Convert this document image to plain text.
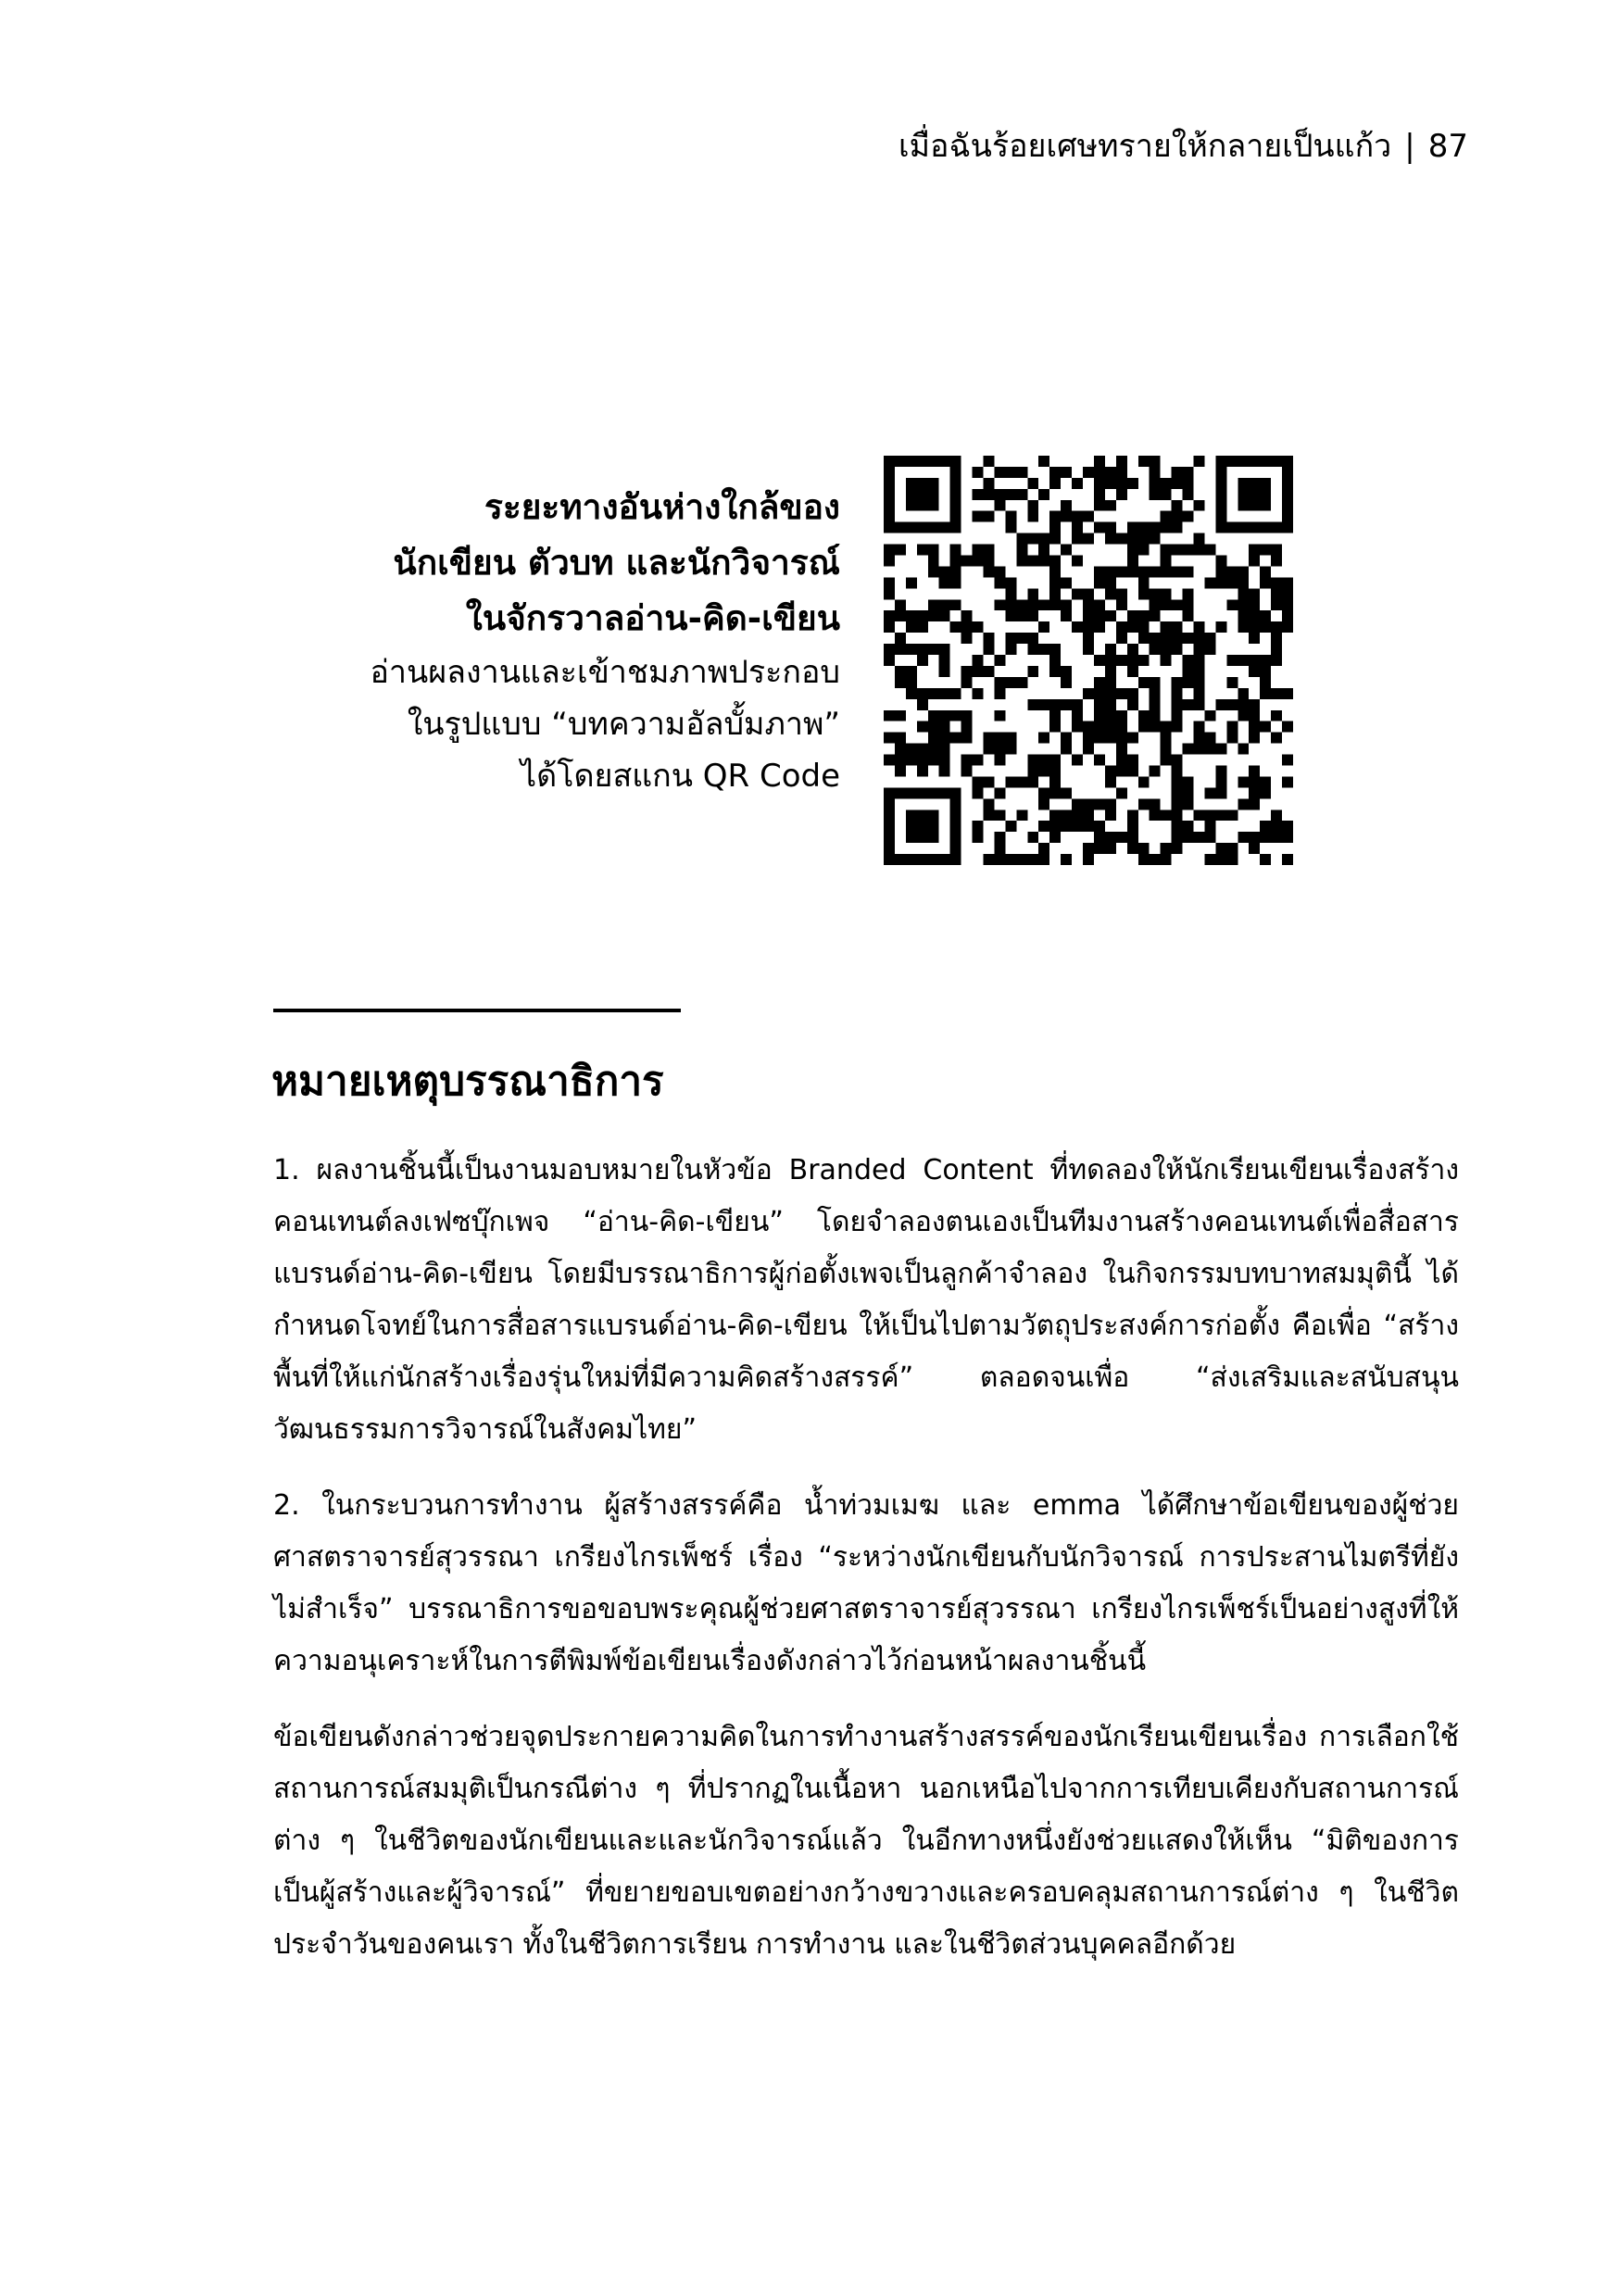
เมื่อฉันร้อยเศษทรายให้กลายเป็นแก้ว | 87
ระยะทางอันห่างใกล้ของ
นักเขียน ตัวบท และนักวิจารณ์
ในจักรวาลอ่าน-คิด-เขียน
อ่านผลงานและเข้าชมภาพประกอบ
ในรูปแบบ “บทความอัลบั้มภาพ”
ได้โดยสแกน QR Code
หมายเหตุบรรณาธิการ

1. ผลงานชิ้นนี้เป็นงานมอบหมายในหัวข้อ Branded Content ที่ทดลองให้นักเรียนเขียนเรื่องสร้างคอนเทนต์ลงเฟซบุ๊กเพจ “อ่าน-คิด-เขียน” โดยจำลองตนเองเป็นทีมงานสร้างคอนเทนต์เพื่อสื่อสารแบรนด์อ่าน-คิด-เขียน โดยมีบรรณาธิการผู้ก่อตั้งเพจเป็นลูกค้าจำลอง ในกิจกรรมบทบาทสมมุตินี้ ได้กำหนดโจทย์ในการสื่อสารแบรนด์อ่าน-คิด-เขียน ให้เป็นไปตามวัตถุประสงค์การก่อตั้ง คือเพื่อ “สร้างพื้นที่ให้แก่นักสร้างเรื่องรุ่นใหม่ที่มีความคิดสร้างสรรค์” ตลอดจนเพื่อ “ส่งเสริมและสนับสนุนวัฒนธรรมการวิจารณ์ในสังคมไทย”

2. ในกระบวนการทำงาน ผู้สร้างสรรค์คือ น้ำท่วมเมฆ และ emma ได้ศึกษาข้อเขียนของผู้ช่วยศาสตราจารย์สุวรรณา เกรียงไกรเพ็ชร์ เรื่อง “ระหว่างนักเขียนกับนักวิจารณ์ การประสานไมตรีที่ยังไม่สำเร็จ” บรรณาธิการขอขอบพระคุณผู้ช่วยศาสตราจารย์สุวรรณา เกรียงไกรเพ็ชร์เป็นอย่างสูงที่ให้ความอนุเคราะห์ในการตีพิมพ์ข้อเขียนเรื่องดังกล่าวไว้ก่อนหน้าผลงานชิ้นนี้

ข้อเขียนดังกล่าวช่วยจุดประกายความคิดในการทำงานสร้างสรรค์ของนักเรียนเขียนเรื่อง การเลือกใช้สถานการณ์สมมุติเป็นกรณีต่าง ๆ ที่ปรากฏในเนื้อหา นอกเหนือไปจากการเทียบเคียงกับสถานการณ์ต่าง ๆ ในชีวิตของนักเขียนและและนักวิจารณ์แล้ว ในอีกทางหนึ่งยังช่วยแสดงให้เห็น “มิติของการเป็นผู้สร้างและผู้วิจารณ์” ที่ขยายขอบเขตอย่างกว้างขวางและครอบคลุมสถานการณ์ต่าง ๆ ในชีวิตประจำวันของคนเรา ทั้งในชีวิตการเรียน การทำงาน และในชีวิตส่วนบุคคลอีกด้วย
